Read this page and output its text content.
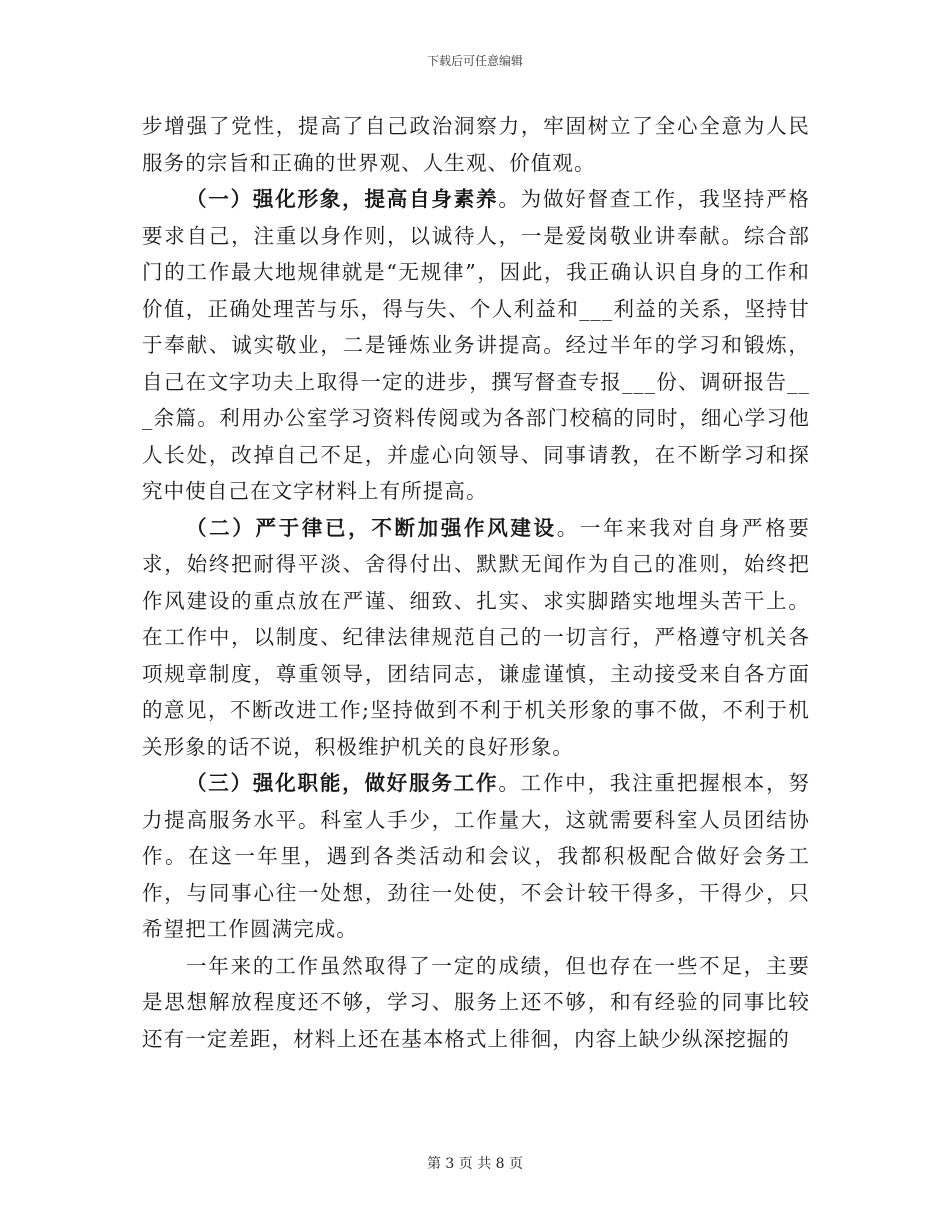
下载后可任意编辑

步增强了党性，提高了自己政治洞察力，牢固树立了全心全意为人民服务的宗旨和正确的世界观、人生观、价值观。

（一）强化形象，提高自身素养。为做好督查工作，我坚持严格要求自己，注重以身作则，以诚待人，一是爱岗敬业讲奉献。综合部门的工作最大地规律就是“无规律”，因此，我正确认识自身的工作和价值，正确处理苦与乐，得与失、个人利益和___利益的关系，坚持甘于奉献、诚实敬业，二是锤炼业务讲提高。经过半年的学习和锻炼，自己在文字功夫上取得一定的进步，撰写督查专报___份、调研报告___余篇。利用办公室学习资料传阅或为各部门校稿的同时，细心学习他人长处，改掉自己不足，并虚心向领导、同事请教，在不断学习和探究中使自己在文字材料上有所提高。

（二）严于律已，不断加强作风建设。一年来我对自身严格要求，始终把耐得平淡、舍得付出、默默无闻作为自己的准则，始终把作风建设的重点放在严谨、细致、扎实、求实脚踏实地埋头苦干上。在工作中，以制度、纪律法律规范自己的一切言行，严格遵守机关各项规章制度，尊重领导，团结同志，谦虚谨慎，主动接受来自各方面的意见，不断改进工作;坚持做到不利于机关形象的事不做，不利于机关形象的话不说，积极维护机关的良好形象。

（三）强化职能，做好服务工作。工作中，我注重把握根本，努力提高服务水平。科室人手少，工作量大，这就需要科室人员团结协作。在这一年里，遇到各类活动和会议，我都积极配合做好会务工作，与同事心往一处想，劲往一处使，不会计较干得多，干得少，只希望把工作圆满完成。

一年来的工作虽然取得了一定的成绩，但也存在一些不足，主要是思想解放程度还不够，学习、服务上还不够，和有经验的同事比较还有一定差距，材料上还在基本格式上徘徊，内容上缺少纵深挖掘的

第 3 页 共 8 页
